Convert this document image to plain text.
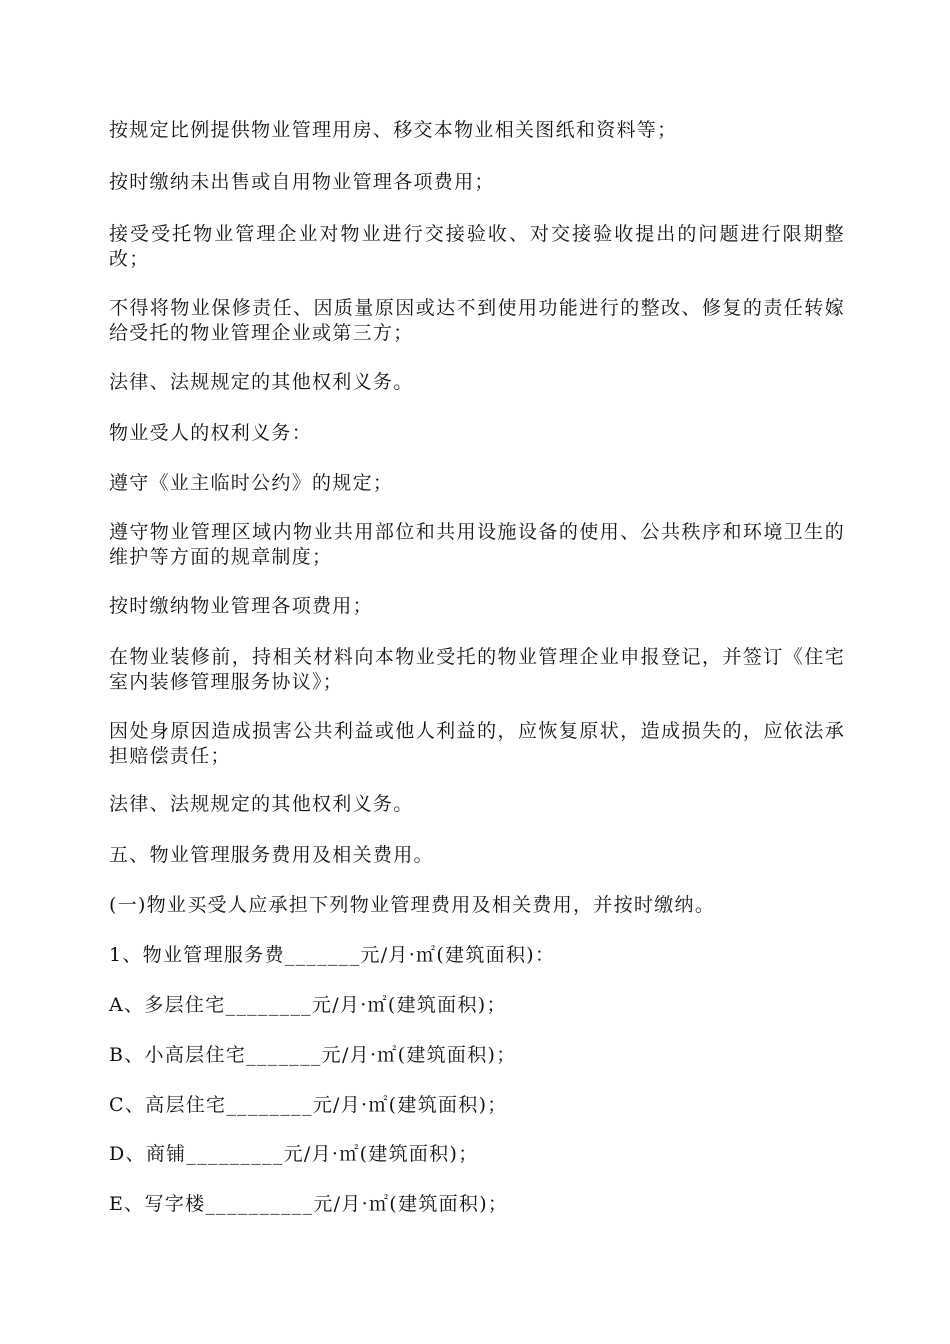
按规定比例提供物业管理用房、移交本物业相关图纸和资料等；

按时缴纳未出售或自用物业管理各项费用；

接受受托物业管理企业对物业进行交接验收、对交接验收提出的问题进行限期整改；

不得将物业保修责任、因质量原因或达不到使用功能进行的整改、修复的责任转嫁给受托的物业管理企业或第三方；

法律、法规规定的其他权利义务。

物业受人的权利义务：

遵守《业主临时公约》的规定；

遵守物业管理区域内物业共用部位和共用设施设备的使用、公共秩序和环境卫生的维护等方面的规章制度；

按时缴纳物业管理各项费用；

在物业装修前，持相关材料向本物业受托的物业管理企业申报登记，并签订《住宅室内装修管理服务协议》；

因处身原因造成损害公共利益或他人利益的，应恢复原状，造成损失的，应依法承担赔偿责任；

法律、法规规定的其他权利义务。

五、物业管理服务费用及相关费用。

(一)物业买受人应承担下列物业管理费用及相关费用，并按时缴纳。

1、物业管理服务费_______元/月·㎡(建筑面积)：

A、多层住宅________元/月·㎡(建筑面积)；

B、小高层住宅_______元/月·㎡(建筑面积)；

C、高层住宅________元/月·㎡(建筑面积)；

D、商铺_________元/月·㎡(建筑面积)；

E、写字楼__________元/月·㎡(建筑面积)；
